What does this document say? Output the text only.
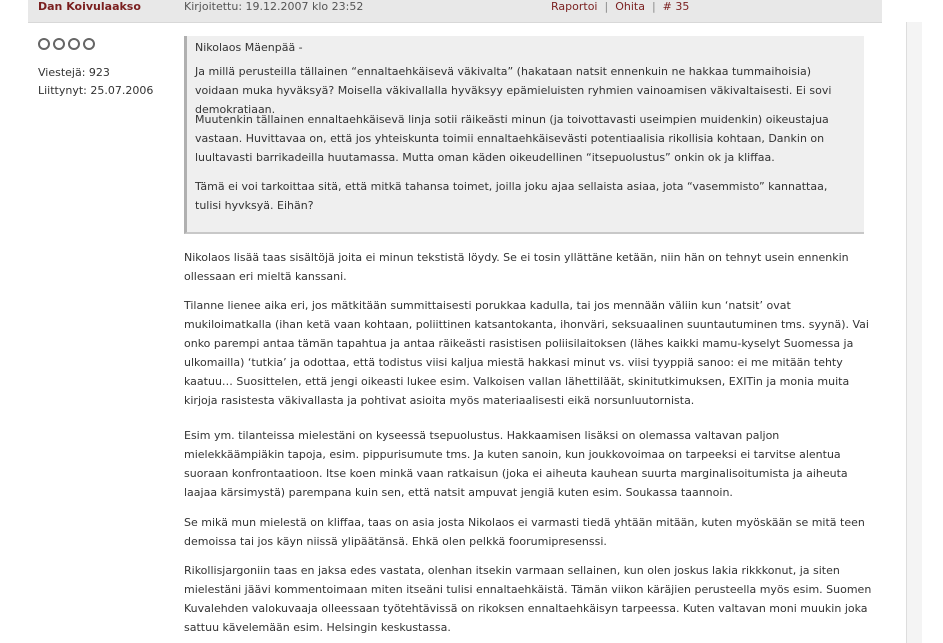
Dan Koivulaakso	Kirjoitettu: 19.12.2007 klo 23:52	Raportoi | Ohita | # 35
Viestejä: 923
Liittynyt: 25.07.2006
Nikolaos Mäenpää -

Ja millä perusteilla tällainen “ennaltaehkäisevä väkivalta” (hakataan natsit ennenkuin ne hakkaa tummaihoisia) voidaan muka hyväksyä? Moisella väkivallalla hyväksyy epämieluisten ryhmien vainoamisen väkivaltaisesti. Ei sovi demokratiaan.

Muutenkin tällainen ennaltaehkäisevä linja sotii räikeästi minun (ja toivottavasti useimpien muidenkin) oikeustajua vastaan. Huvittavaa on, että jos yhteiskunta toimii ennaltaehkäisevästi potentiaalisia rikollisia kohtaan, Dankin on luultavasti barrikadeilla huutamassa. Mutta oman käden oikeudellinen “itsepuolustus” onkin ok ja kliffaa.

Tämä ei voi tarkoittaa sitä, että mitkä tahansa toimet, joilla joku ajaa sellaista asiaa, jota “vasemmisto” kannattaa, tulisi hyvksyä. Eihän?

Nikolaos lisää taas sisältöjä joita ei minun tekstistä löydy. Se ei tosin yllättäne ketään, niin hän on tehnyt usein ennenkin ollessaan eri mieltä kanssani.

Tilanne lienee aika eri, jos mätkitään summittaisesti porukkaa kadulla, tai jos mennään väliin kun ‘natsit’ ovat mukiloimatkalla (ihan ketä vaan kohtaan, poliittinen katsantokanta, ihonväri, seksuaalinen suuntautuminen tms. syynä). Vai onko parempi antaa tämän tapahtua ja antaa räikeästi rasistisen poliisilaitoksen (lähes kaikki mamu-kyselyt Suomessa ja ulkomailla) ‘tutkia’ ja odottaa, että todistus viisi kaljua miestä hakkasi minut vs. viisi tyyppiä sanoo: ei me mitään tehty kaatuu… Suosittelen, että jengi oikeasti lukee esim. Valkoisen vallan lähettiläät, skinitutkimuksen, EXITin ja monia muita kirjoja rasistesta väkivallasta ja pohtivat asioita myös materiaalisesti eikä norsunluutornista.

Esim ym. tilanteissa mielestäni on kyseessä tsepuolustus. Hakkaamisen lisäksi on olemassa valtavan paljon mielekkäämpiäkin tapoja, esim. pippurisumute tms. Ja kuten sanoin, kun joukkovoimaa on tarpeeksi ei tarvitse alentua suoraan konfrontaatioon. Itse koen minkä vaan ratkaisun (joka ei aiheuta kauhean suurta marginalisoitumista ja aiheuta laajaa kärsimystä) parempana kuin sen, että natsit ampuvat jengiä kuten esim. Soukassa taannoin.

Se mikä mun mielestä on kliffaa, taas on asia josta Nikolaos ei varmasti tiedä yhtään mitään, kuten myöskään se mitä teen demoissa tai jos käyn niissä ylipäätänsä. Ehkä olen pelkkä foorumipresenssi.

Rikollisjargoniin taas en jaksa edes vastata, olenhan itsekin varmaan sellainen, kun olen joskus lakia rikkkonut, ja siten mielestäni jäävi kommentoimaan miten itseäni tulisi ennaltaehkäistä. Tämän viikon käräjien perusteella myös esim. Suomen Kuvalehden valokuvaaja olleessaan työtehtävissä on rikoksen ennaltaehkäisyn tarpeessa. Kuten valtavan moni muukin joka sattuu kävelemään esim. Helsingin keskustassa.
